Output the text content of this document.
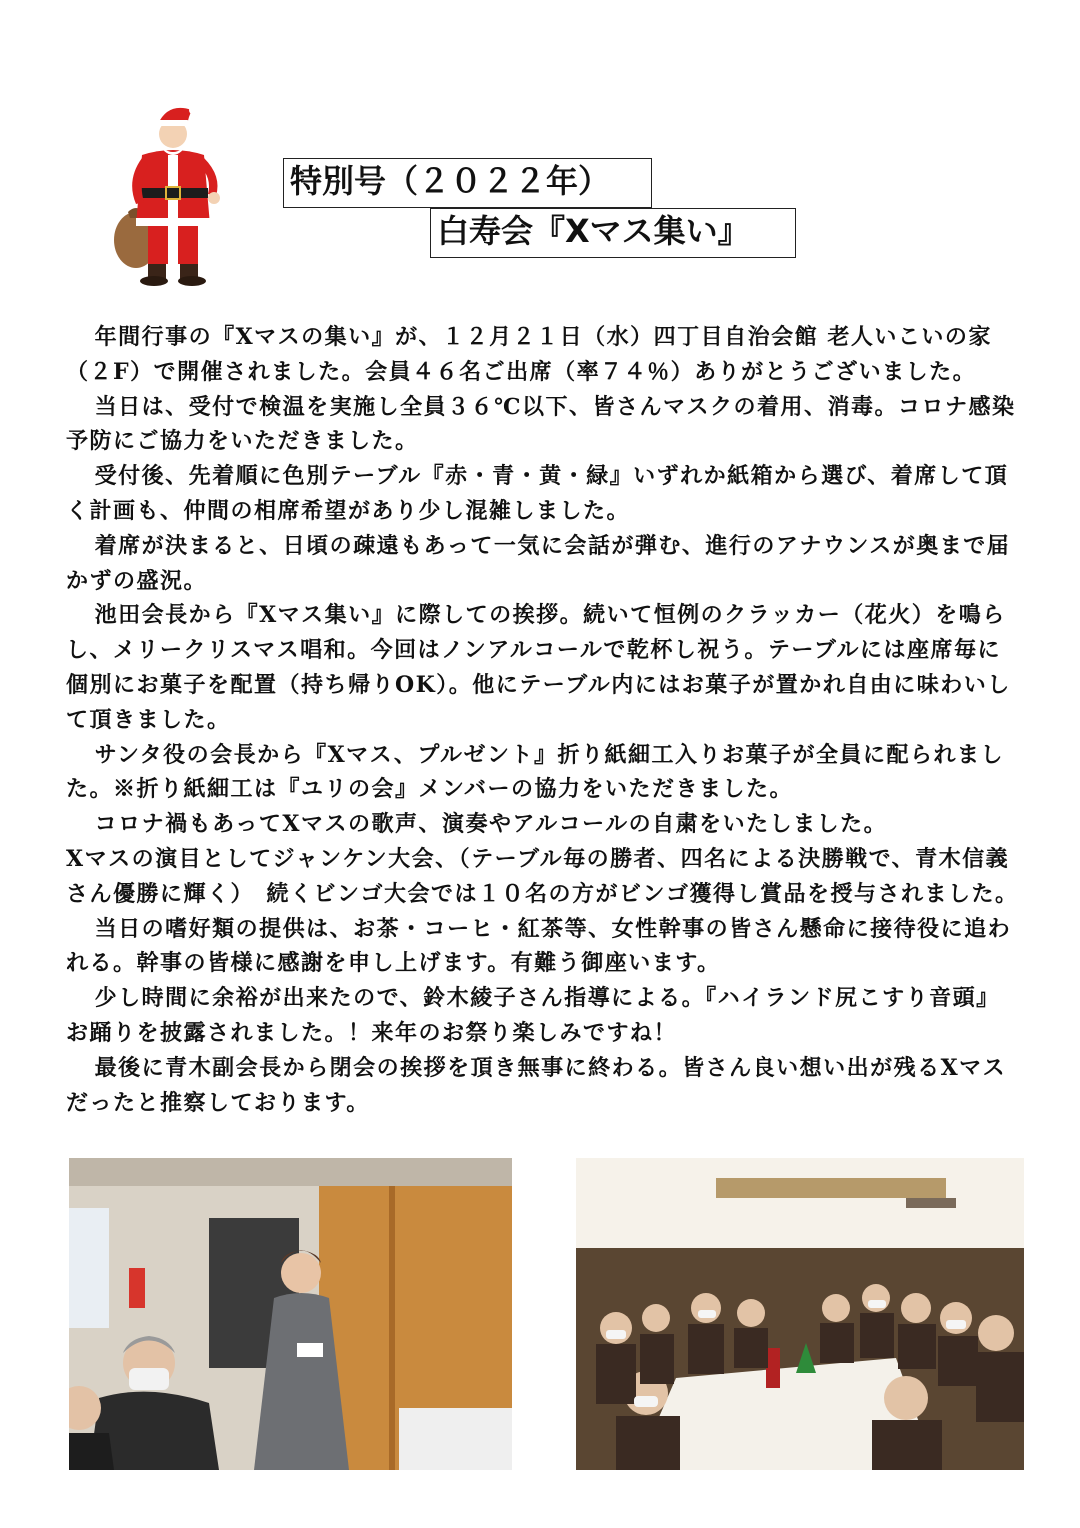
特別号（２０２２年）
白寿会『Xマス集い』

年間行事の『Xマスの集い』が、１２月２１日（水）四丁目自治会館 老人いこいの家（２F）で開催されました。会員４６名ご出席（率７４％）ありがとうございました。

当日は、受付で検温を実施し全員３６℃以下、皆さんマスクの着用、消毒。コロナ感染予防にご協力をいただきました。

受付後、先着順に色別テーブル『赤・青・黄・緑』いずれか紙箱から選び、着席して頂く計画も、仲間の相席希望があり少し混雑しました。

着席が決まると、日頃の疎遠もあって一気に会話が弾む、進行のアナウンスが奥まで届かずの盛況。

池田会長から『Xマス集い』に際しての挨拶。続いて恒例のクラッカー（花火）を鳴らし、メリークリスマス唱和。今回はノンアルコールで乾杯し祝う。テーブルには座席毎に個別にお菓子を配置（持ち帰りOK）。他にテーブル内にはお菓子が置かれ自由に味わいして頂きました。

サンタ役の会長から『Xマス、プルゼント』折り紙細工入りお菓子が全員に配られました。※折り紙細工は『ユリの会』メンバーの協力をいただきました。

コロナ禍もあってXマスの歌声、演奏やアルコールの自粛をいたしました。

Xマスの演目としてジャンケン大会、（テーブル毎の勝者、四名による決勝戦で、青木信義さん優勝に輝く）　続くビンゴ大会では１０名の方がビンゴ獲得し賞品を授与されました。

当日の嗜好類の提供は、お茶・コーヒ・紅茶等、女性幹事の皆さん懸命に接待役に追われる。幹事の皆様に感謝を申し上げます。有難う御座います。

少し時間に余裕が出来たので、鈴木綾子さん指導による。『ハイランド尻こすり音頭』お踊りを披露されました。！来年のお祭り楽しみですね！

最後に青木副会長から閉会の挨拶を頂き無事に終わる。皆さん良い想い出が残るXマスだったと推察しております。
